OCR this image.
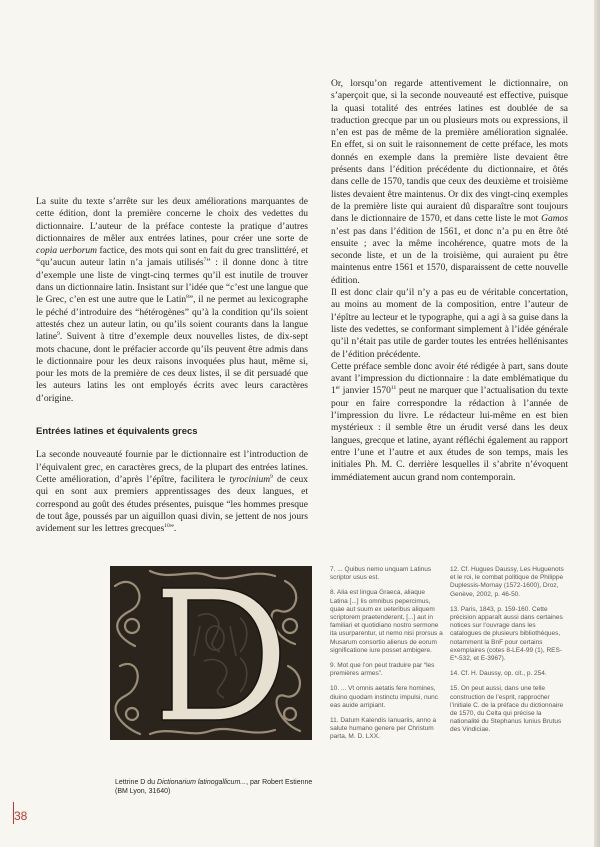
Or, lorsqu’on regarde attentivement le dictionnaire, on s’aperçoit que, si la seconde nouveauté est effective, puisque la quasi totalité des entrées latines est doublée de sa traduction grecque par un ou plusieurs mots ou expressions, il n’en est pas de même de la première amélioration signalée. En effet, si on suit le raisonnement de cette préface, les mots donnés en exemple dans la première liste devaient être présents dans l’édition précédente du dictionnaire, et ôtés dans celle de 1570, tandis que ceux des deuxième et troisième listes devaient être maintenus. Or dix des vingt-cinq exemples de la première liste qui auraient dû disparaître sont toujours dans le dictionnaire de 1570, et dans cette liste le mot Gamos n’est pas dans l’édition de 1561, et donc n’a pu en être ôté ensuite ; avec la même incohérence, quatre mots de la seconde liste, et un de la troisième, qui auraient pu être maintenus entre 1561 et 1570, disparaissent de cette nouvelle édition.

Il est donc clair qu’il n’y a pas eu de véritable concertation, au moins au moment de la composition, entre l’auteur de l’épître au lecteur et le typographe, qui a agi à sa guise dans la liste des vedettes, se conformant simplement à l’idée générale qu’il n’était pas utile de garder toutes les entrées hellénisantes de l’édition précédente.

Cette préface semble donc avoir été rédigée à part, sans doute avant l’impression du dictionnaire : la date emblématique du 1er janvier 1570$^{11}$ peut ne marquer que l’actualisation du texte pour en faire correspondre la rédaction à l’année de l’impression du livre. Le rédacteur lui-même en est bien mystérieux : il semble être un érudit versé dans les deux langues, grecque et latine, ayant réfléchi également au rapport entre l’une et l’autre et aux études de son temps, mais les initiales Ph. M. C. derrière lesquelles il s’abrite n’évoquent immédiatement aucun grand nom contemporain.

La suite du texte s’arrête sur les deux améliorations marquantes de cette édition, dont la première concerne le choix des vedettes du dictionnaire. L’auteur de la préface conteste la pratique d’autres dictionnaires de mêler aux entrées latines, pour créer une sorte de copia uerborum factice, des mots qui sont en fait du grec translittéré, et “qu’aucun auteur latin n’a jamais utilisés$^7$” : il donne donc à titre d’exemple une liste de vingt-cinq termes qu’il est inutile de trouver dans un dictionnaire latin. Insistant sur l’idée que “c’est une langue que le Grec, c’en est une autre que le Latin$^8$”, il ne permet au lexicographe le péché d’introduire des “hétérogènes” qu’à la condition qu’ils soient attestés chez un auteur latin, ou qu’ils soient courants dans la langue latine$^9$. Suivent à titre d’exemple deux nouvelles listes, de dix-sept mots chacune, dont le préfacier accorde qu’ils peuvent être admis dans le dictionnaire pour les deux raisons invoquées plus haut, même si, pour les mots de la première de ces deux listes, il se dit persuadé que les auteurs latins les ont employés écrits avec leurs caractères d’origine.

Entrées latines et équivalents grecs

La seconde nouveauté fournie par le dictionnaire est l’introduction de l’équivalent grec, en caractères grecs, de la plupart des entrées latines. Cette amélioration, d’après l’épître, facilitera le tyrocinium$^9$ de ceux qui en sont aux premiers apprentissages des deux langues, et correspond au goût des études présentes, puisque “les hommes presque de tout âge, poussés par un aiguillon quasi divin, se jettent de nos jours avidement sur les lettres grecques$^{10}$”.

Lettrine D du Dictionarium latinogallicum..., par Robert Estienne (BM Lyon, 31640)

7. ... Quibus nemo unquam Latinus scriptor usus est.

8. Alia est lingua Graeca, aliaque Latina [...] Iis omnibus pepercimus, quae aut suum ex ueteribus aliquem scriptorem praetenderent, [...] aut in familiari et quotidiano nostro sermone ita usurparentur, ut nemo nisi prorsus a Musarum consortio alienus de eorum significatione iure posset ambigere.

9. Mot que l’on peut traduire par “les premières armes”.

10. ... Vt omnis aetatis fere homines, diuino quodam instinctu impulsi, nunc eas auide arripiant.

11. Datum Kalendis Ianuariis, anno a salute humano genere per Christum parta, M. D. LXX.

12. Cf. Hugues Daussy, Les Huguenots et le roi, le combat politique de Philippe Duplessis-Mornay (1572-1600), Droz, Genève, 2002, p. 46-50.

13. Paris, 1843, p. 159-160. Cette précision apparaît aussi dans certaines notices sur l’ouvrage dans les catalogues de plusieurs bibliothèques, notamment la BnF pour certains exemplaires (cotes 8-LE4-99 (1), RES-E*-532, et E-3967).

14. Cf. H. Daussy, op. cit., p. 254.

15. On peut aussi, dans une telle construction de l’esprit, rapprocher l’initiale C. de la préface du dictionnaire de 1570, du Celta qui précise la nationalité du Stephanus Iunius Brutus des Vindiciae.

38
